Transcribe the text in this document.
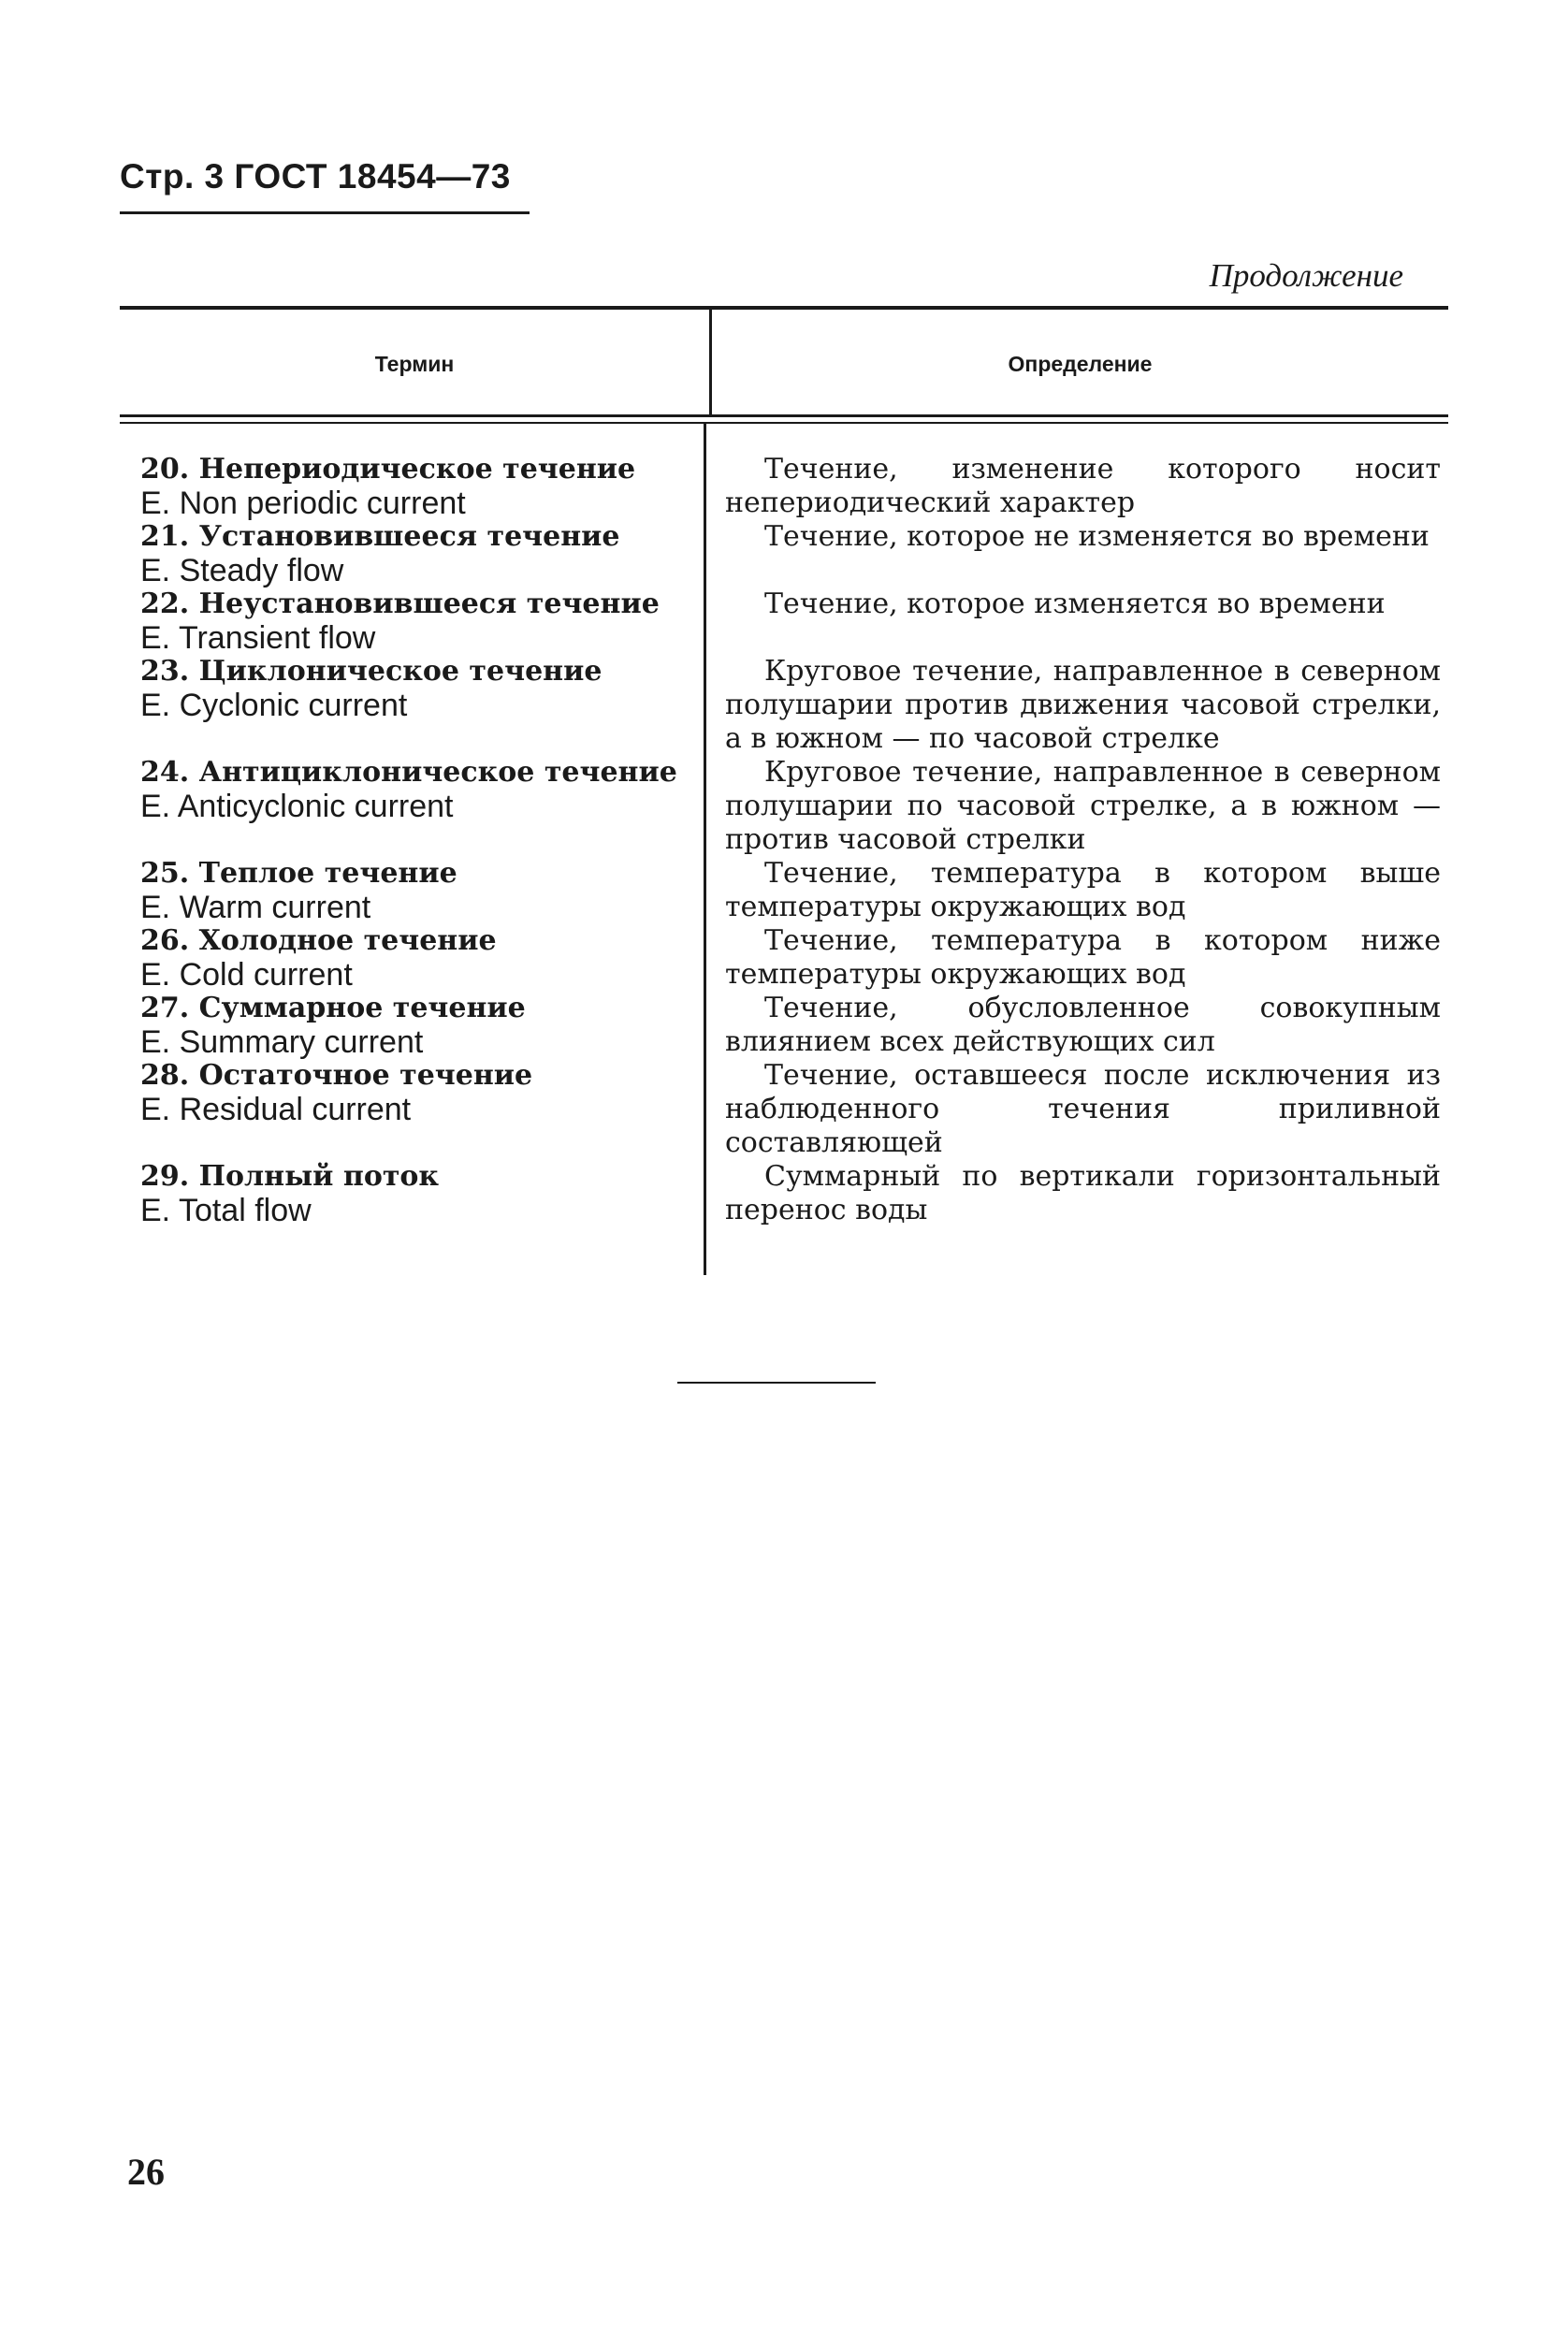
Стр. 3 ГОСТ 18454—73
Продолжение
Термин	Определение
20. Непериодическое течение
E. Non periodic current
Течение, изменение которого носит непериодический характер
21. Установившееся течение
E. Steady flow
Течение, которое не изменяется во времени
22. Неустановившееся течение
E. Transient flow
Течение, которое изменяется во времени
23. Циклоническое течение
E. Cyclonic current
Круговое течение, направленное в северном полушарии против движения часовой стрелки, а в южном — по часовой стрелке
24. Антициклоническое течение
E. Anticyclonic current
Круговое течение, направленное в северном полушарии по часовой стрелке, а в южном — против часовой стрелки
25. Теплое течение
E. Warm current
Течение, температура в котором выше температуры окружающих вод
26. Холодное течение
E. Cold current
Течение, температура в котором ниже температуры окружающих вод
27. Суммарное течение
E. Summary current
Течение, обусловленное совокупным влиянием всех действующих сил
28. Остаточное течение
E. Residual current
Течение, оставшееся после исключения из наблюденного течения приливной составляющей
29. Полный поток
E. Total flow
Суммарный по вертикали горизонтальный перенос воды
26
